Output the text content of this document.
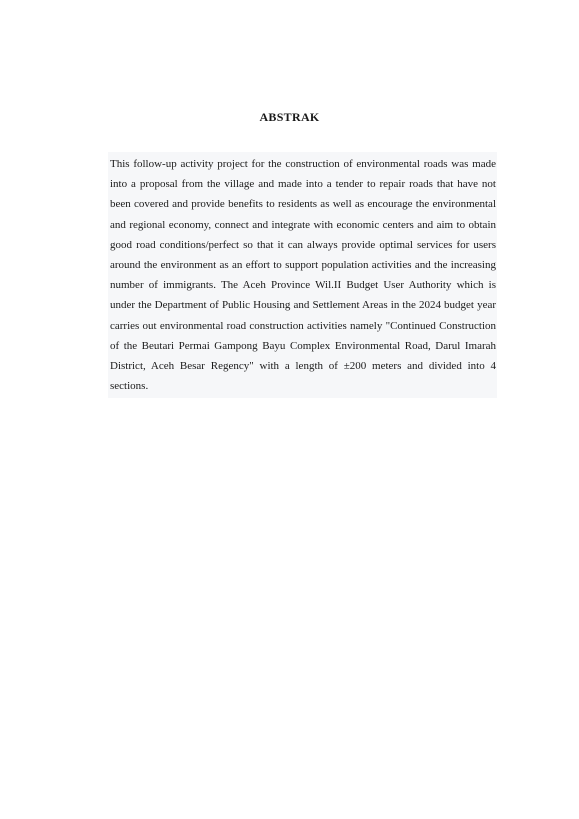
ABSTRAK

This follow-up activity project for the construction of environmental roads was made into a proposal from the village and made into a tender to repair roads that have not been covered and provide benefits to residents as well as encourage the environmental and regional economy, connect and integrate with economic centers and aim to obtain good road conditions/perfect so that it can always provide optimal services for users around the environment as an effort to support population activities and the increasing number of immigrants. The Aceh Province Wil.II Budget User Authority which is under the Department of Public Housing and Settlement Areas in the 2024 budget year carries out environmental road construction activities namely "Continued Construction of the Beutari Permai Gampong Bayu Complex Environmental Road, Darul Imarah District, Aceh Besar Regency" with a length of ±200 meters and divided into 4 sections.
